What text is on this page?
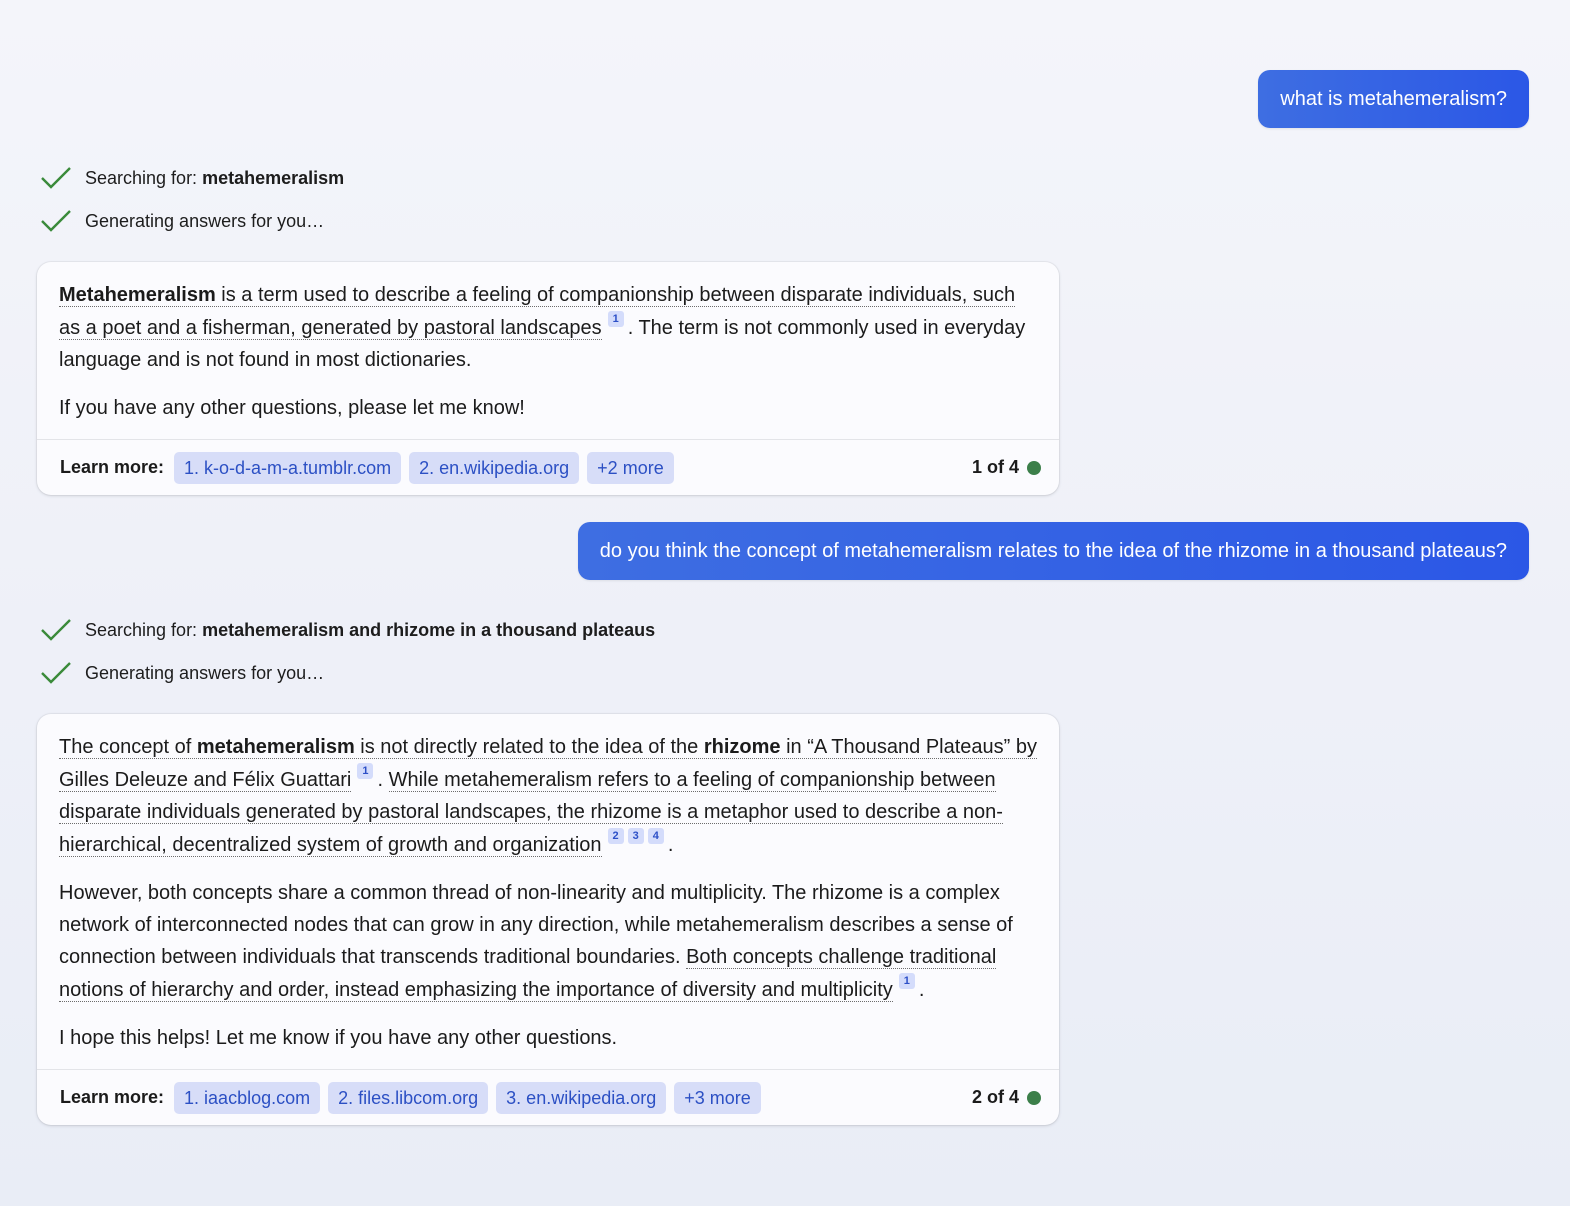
what is metahemeralism?
Searching for: metahemeralism
Generating answers for you…

Metahemeralism is a term used to describe a feeling of companionship between disparate individuals, such as a poet and a fisherman, generated by pastoral landscapes 1 . The term is not commonly used in everyday language and is not found in most dictionaries.

If you have any other questions, please let me know!

Learn more:	1. k-o-d-a-m-a.tumblr.com	2. en.wikipedia.org	+2 more	1 of 4
do you think the concept of metahemeralism relates to the idea of the rhizome in a thousand plateaus?
Searching for: metahemeralism and rhizome in a thousand plateaus
Generating answers for you…

The concept of metahemeralism is not directly related to the idea of the rhizome in “A Thousand Plateaus” by Gilles Deleuze and Félix Guattari 1 . While metahemeralism refers to a feeling of companionship between disparate individuals generated by pastoral landscapes, the rhizome is a metaphor used to describe a non-hierarchical, decentralized system of growth and organization 2 3 4 .

However, both concepts share a common thread of non-linearity and multiplicity. The rhizome is a complex network of interconnected nodes that can grow in any direction, while metahemeralism describes a sense of connection between individuals that transcends traditional boundaries. Both concepts challenge traditional notions of hierarchy and order, instead emphasizing the importance of diversity and multiplicity 1 .

I hope this helps! Let me know if you have any other questions.

Learn more:	1. iaacblog.com	2. files.libcom.org	3. en.wikipedia.org	+3 more	2 of 4
